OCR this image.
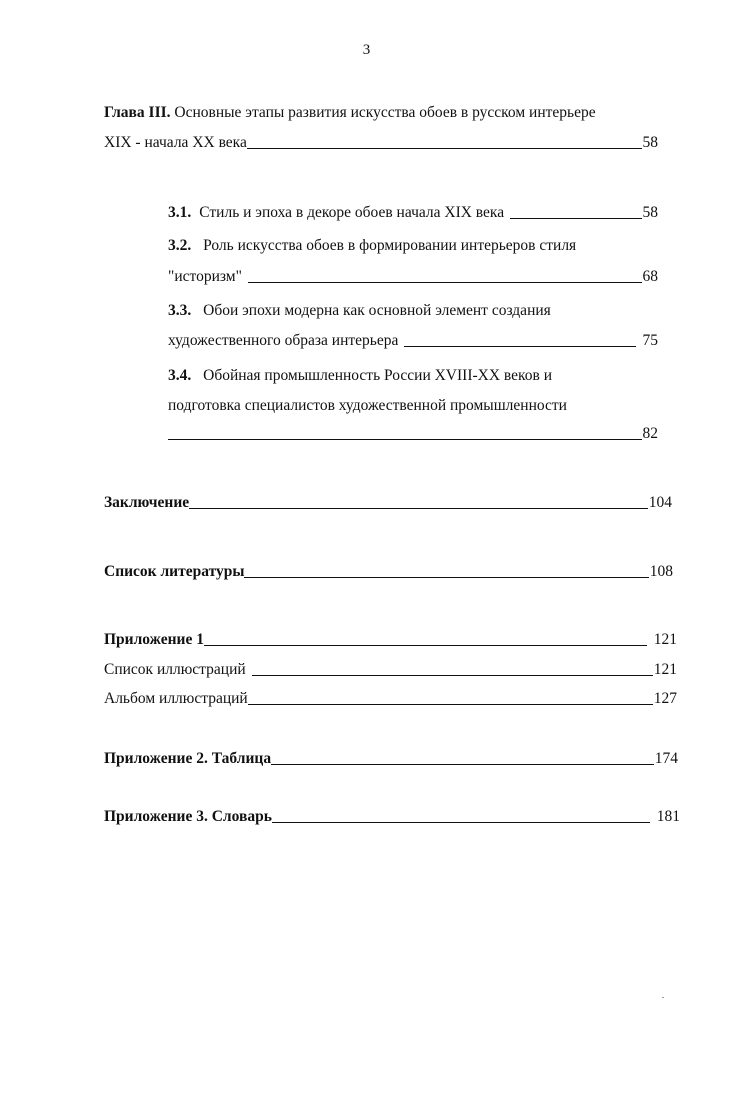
3
Глава III. Основные этапы развития искусства обоев в русском интерьере
XIX - начала XX века	58
3.1. Стиль и эпоха в декоре обоев начала XIX века	58
3.2. Роль искусства обоев в формировании интерьеров стиля
"историзм"	68
3.3. Обои эпохи модерна как основной элемент создания
художественного образа интерьера	75
3.4. Обойная промышленность России XVIII-XX веков и
подготовка специалистов художественной промышленности
82
Заключение	104
Список литературы	108
Приложение 1	121
Список иллюстраций	121
Альбом иллюстраций	127
Приложение 2. Таблица	174
Приложение 3. Словарь	181
